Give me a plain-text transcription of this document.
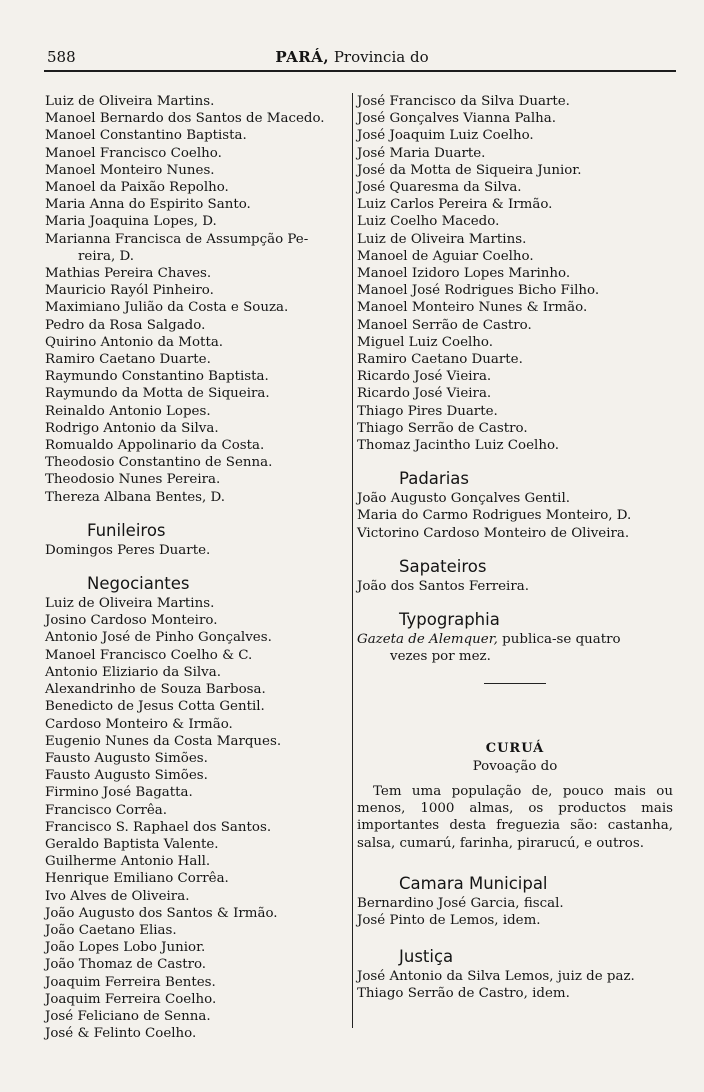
588	PARÁ, Provincia do
Luiz de Oliveira Martins.
Manoel Bernardo dos Santos de Macedo.
Manoel Constantino Baptista.
Manoel Francisco Coelho.
Manoel Monteiro Nunes.
Manoel da Paixão Repolho.
Maria Anna do Espirito Santo.
Maria Joaquina Lopes, D.
Marianna Francisca de Assumpção Pe-
reira, D.
Mathias Pereira Chaves.
Mauricio Rayól Pinheiro.
Maximiano Julião da Costa e Souza.
Pedro da Rosa Salgado.
Quirino Antonio da Motta.
Ramiro Caetano Duarte.
Raymundo Constantino Baptista.
Raymundo da Motta de Siqueira.
Reinaldo Antonio Lopes.
Rodrigo Antonio da Silva.
Romualdo Appolinario da Costa.
Theodosio Constantino de Senna.
Theodosio Nunes Pereira.
Thereza Albana Bentes, D.
Funileiros
Domingos Peres Duarte.
Negociantes
Luiz de Oliveira Martins.
Josino Cardoso Monteiro.
Antonio José de Pinho Gonçalves.
Manoel Francisco Coelho & C.
Antonio Eliziario da Silva.
Alexandrinho de Souza Barbosa.
Benedicto de Jesus Cotta Gentil.
Cardoso Monteiro & Irmão.
Eugenio Nunes da Costa Marques.
Fausto Augusto Simões.
Fausto Augusto Simões.
Firmino José Bagatta.
Francisco Corrêa.
Francisco S. Raphael dos Santos.
Geraldo Baptista Valente.
Guilherme Antonio Hall.
Henrique Emiliano Corrêa.
Ivo Alves de Oliveira.
João Augusto dos Santos & Irmão.
João Caetano Elias.
João Lopes Lobo Junior.
João Thomaz de Castro.
Joaquim Ferreira Bentes.
Joaquim Ferreira Coelho.
José Feliciano de Senna.
José & Felinto Coelho.
José Francisco da Silva Duarte.
José Gonçalves Vianna Palha.
José Joaquim Luiz Coelho.
José Maria Duarte.
José da Motta de Siqueira Junior.
José Quaresma da Silva.
Luiz Carlos Pereira & Irmão.
Luiz Coelho Macedo.
Luiz de Oliveira Martins.
Manoel de Aguiar Coelho.
Manoel Izidoro Lopes Marinho.
Manoel José Rodrigues Bicho Filho.
Manoel Monteiro Nunes & Irmão.
Manoel Serrão de Castro.
Miguel Luiz Coelho.
Ramiro Caetano Duarte.
Ricardo José Vieira.
Ricardo José Vieira.
Thiago Pires Duarte.
Thiago Serrão de Castro.
Thomaz Jacintho Luiz Coelho.
Padarias
João Augusto Gonçalves Gentil.
Maria do Carmo Rodrigues Monteiro, D.
Victorino Cardoso Monteiro de Oliveira.
Sapateiros
João dos Santos Ferreira.
Typographia
Gazeta de Alemquer, publica-se quatro
vezes por mez.
CURUÁ
Povoação do
Tem uma população de, pouco mais ou menos, 1000 almas, os productos mais importantes desta freguezia são: castanha, salsa, cumarú, farinha, pirarucú, e outros.
Camara Municipal
Bernardino José Garcia, fiscal.
José Pinto de Lemos, idem.
Justiça
José Antonio da Silva Lemos, juiz de paz.
Thiago Serrão de Castro, idem.
